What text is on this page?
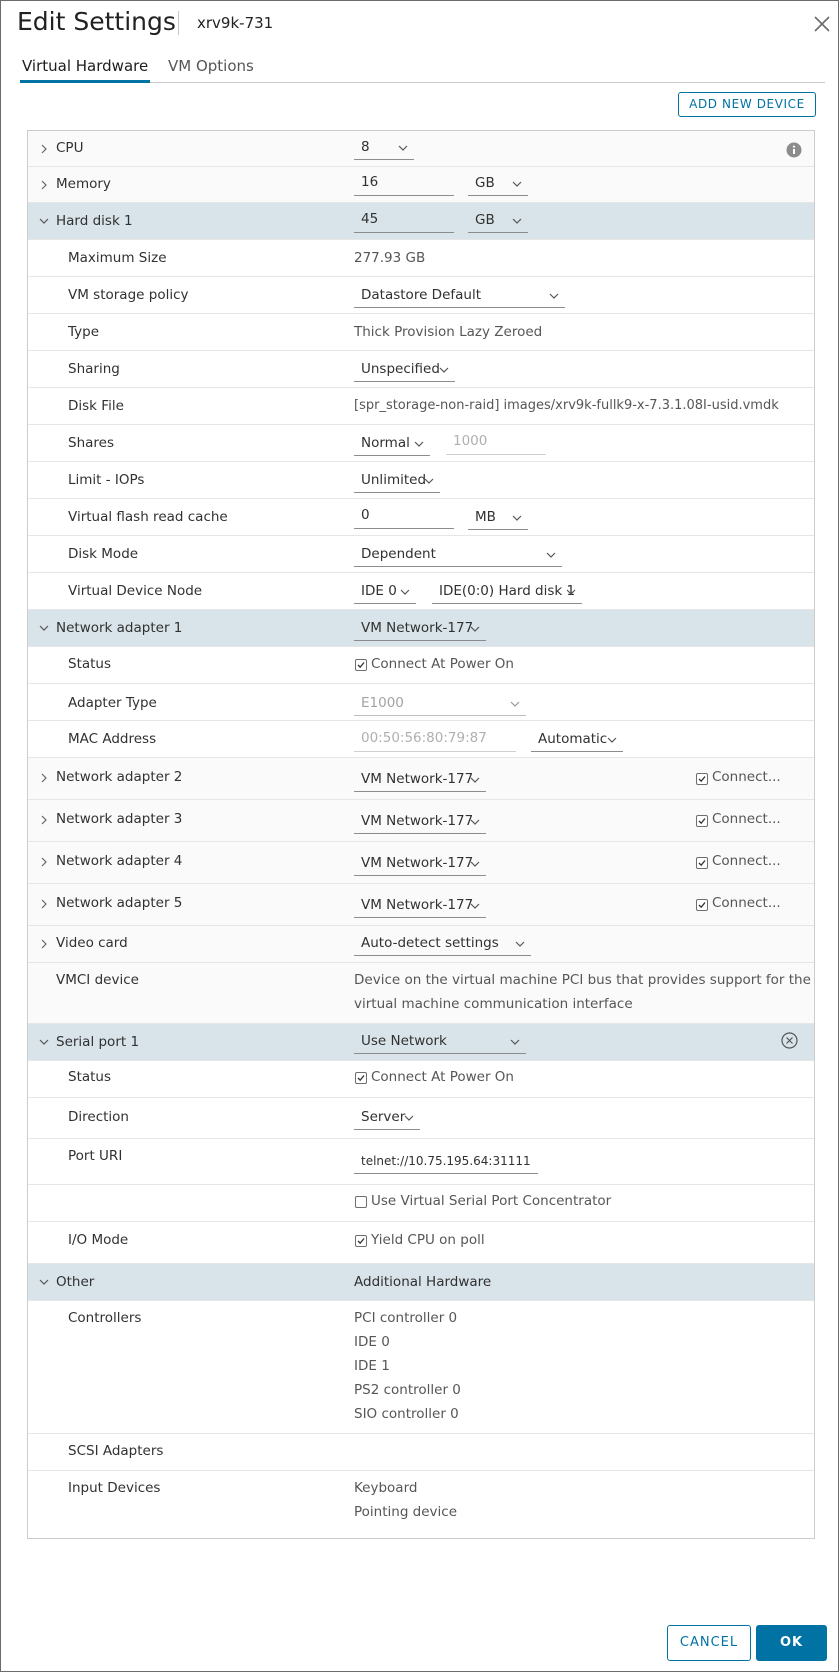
Edit Settings xrv9k-731
Virtual Hardware VM Options
ADD NEW DEVICE
CPU	8
Memory	16	GB
Hard disk 1	45	GB
Maximum Size	277.93 GB
VM storage policy	Datastore Default
Type	Thick Provision Lazy Zeroed
Sharing	Unspecified
Disk File	[spr_storage-non-raid] images/xrv9k-fullk9-x-7.3.1.08I-usid.vmdk
Shares	Normal	1000
Limit - IOPs	Unlimited
Virtual flash read cache	0	MB
Disk Mode	Dependent
Virtual Device Node	IDE 0	IDE(0:0) Hard disk 1
Network adapter 1	VM Network-177
Status	Connect At Power On
Adapter Type	E1000
MAC Address	00:50:56:80:79:87	Automatic
Network adapter 2	VM Network-177	Connect...
Network adapter 3	VM Network-177	Connect...
Network adapter 4	VM Network-177	Connect...
Network adapter 5	VM Network-177	Connect...
Video card	Auto-detect settings
VMCI device	Device on the virtual machine PCI bus that provides support for the
virtual machine communication interface
Serial port 1	Use Network
Status	Connect At Power On
Direction	Server
Port URI	telnet://10.75.195.64:31111
Use Virtual Serial Port Concentrator
I/O Mode	Yield CPU on poll
Other	Additional Hardware
Controllers	PCI controller 0
IDE 0
IDE 1
PS2 controller 0
SIO controller 0
SCSI Adapters
Input Devices	Keyboard
Pointing device
CANCEL	OK
